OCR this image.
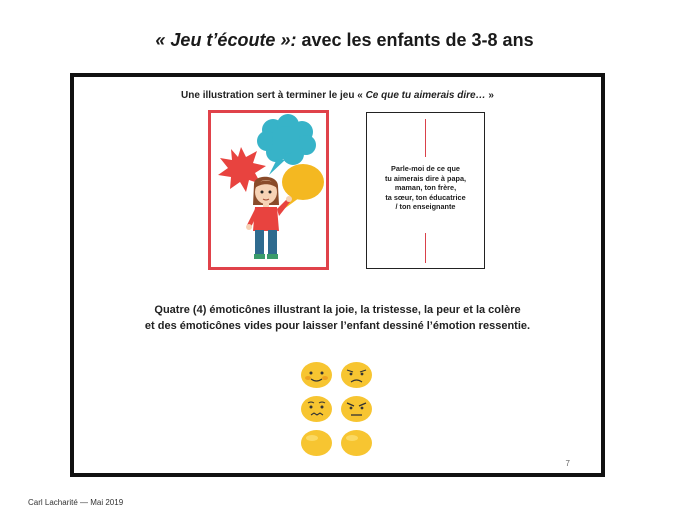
« Jeu t’écoute »: avec les enfants de 3-8 ans
Une illustration sert à terminer le jeu « Ce que tu aimerais dire… »
Parle-moi de ce que
tu aimerais dire à papa,
maman, ton frère,
ta sœur, ton éducatrice
/ ton enseignante
Quatre (4) émoticônes illustrant la joie, la tristesse, la peur et la colère
et des émoticônes vides pour laisser l’enfant dessiné l’émotion ressentie.
7
Carl Lacharité — Mai 2019
